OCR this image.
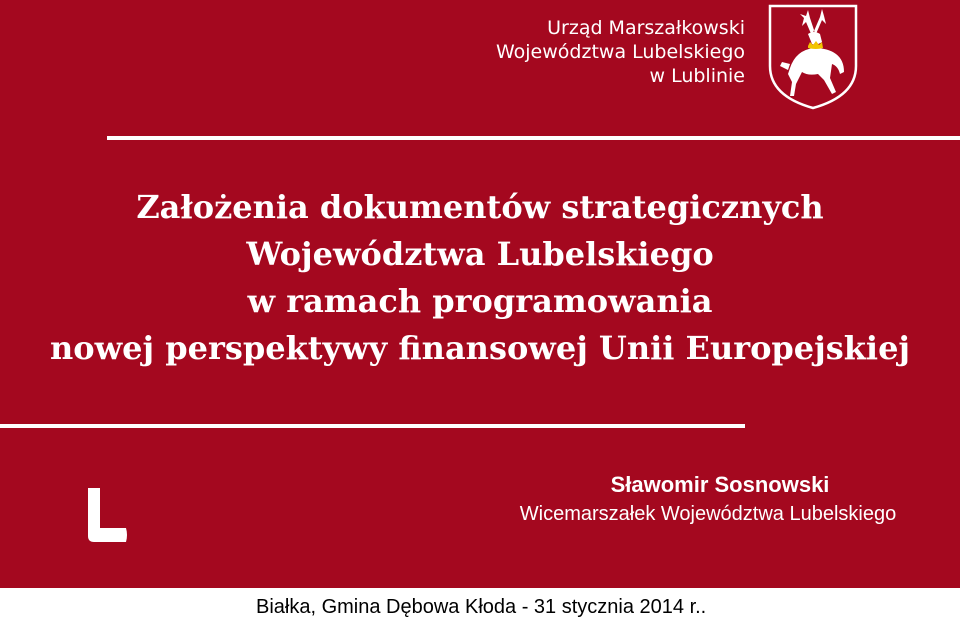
Urząd Marszałkowski
Województwa Lubelskiego
w Lublinie
Założenia dokumentów strategicznych
Województwa Lubelskiego
w ramach programowania
nowej perspektywy finansowej Unii Europejskiej

Sławomir Sosnowski

Wicemarszałek Województwa Lubelskiego

Białka, Gmina Dębowa Kłoda - 31 stycznia 2014 r..
